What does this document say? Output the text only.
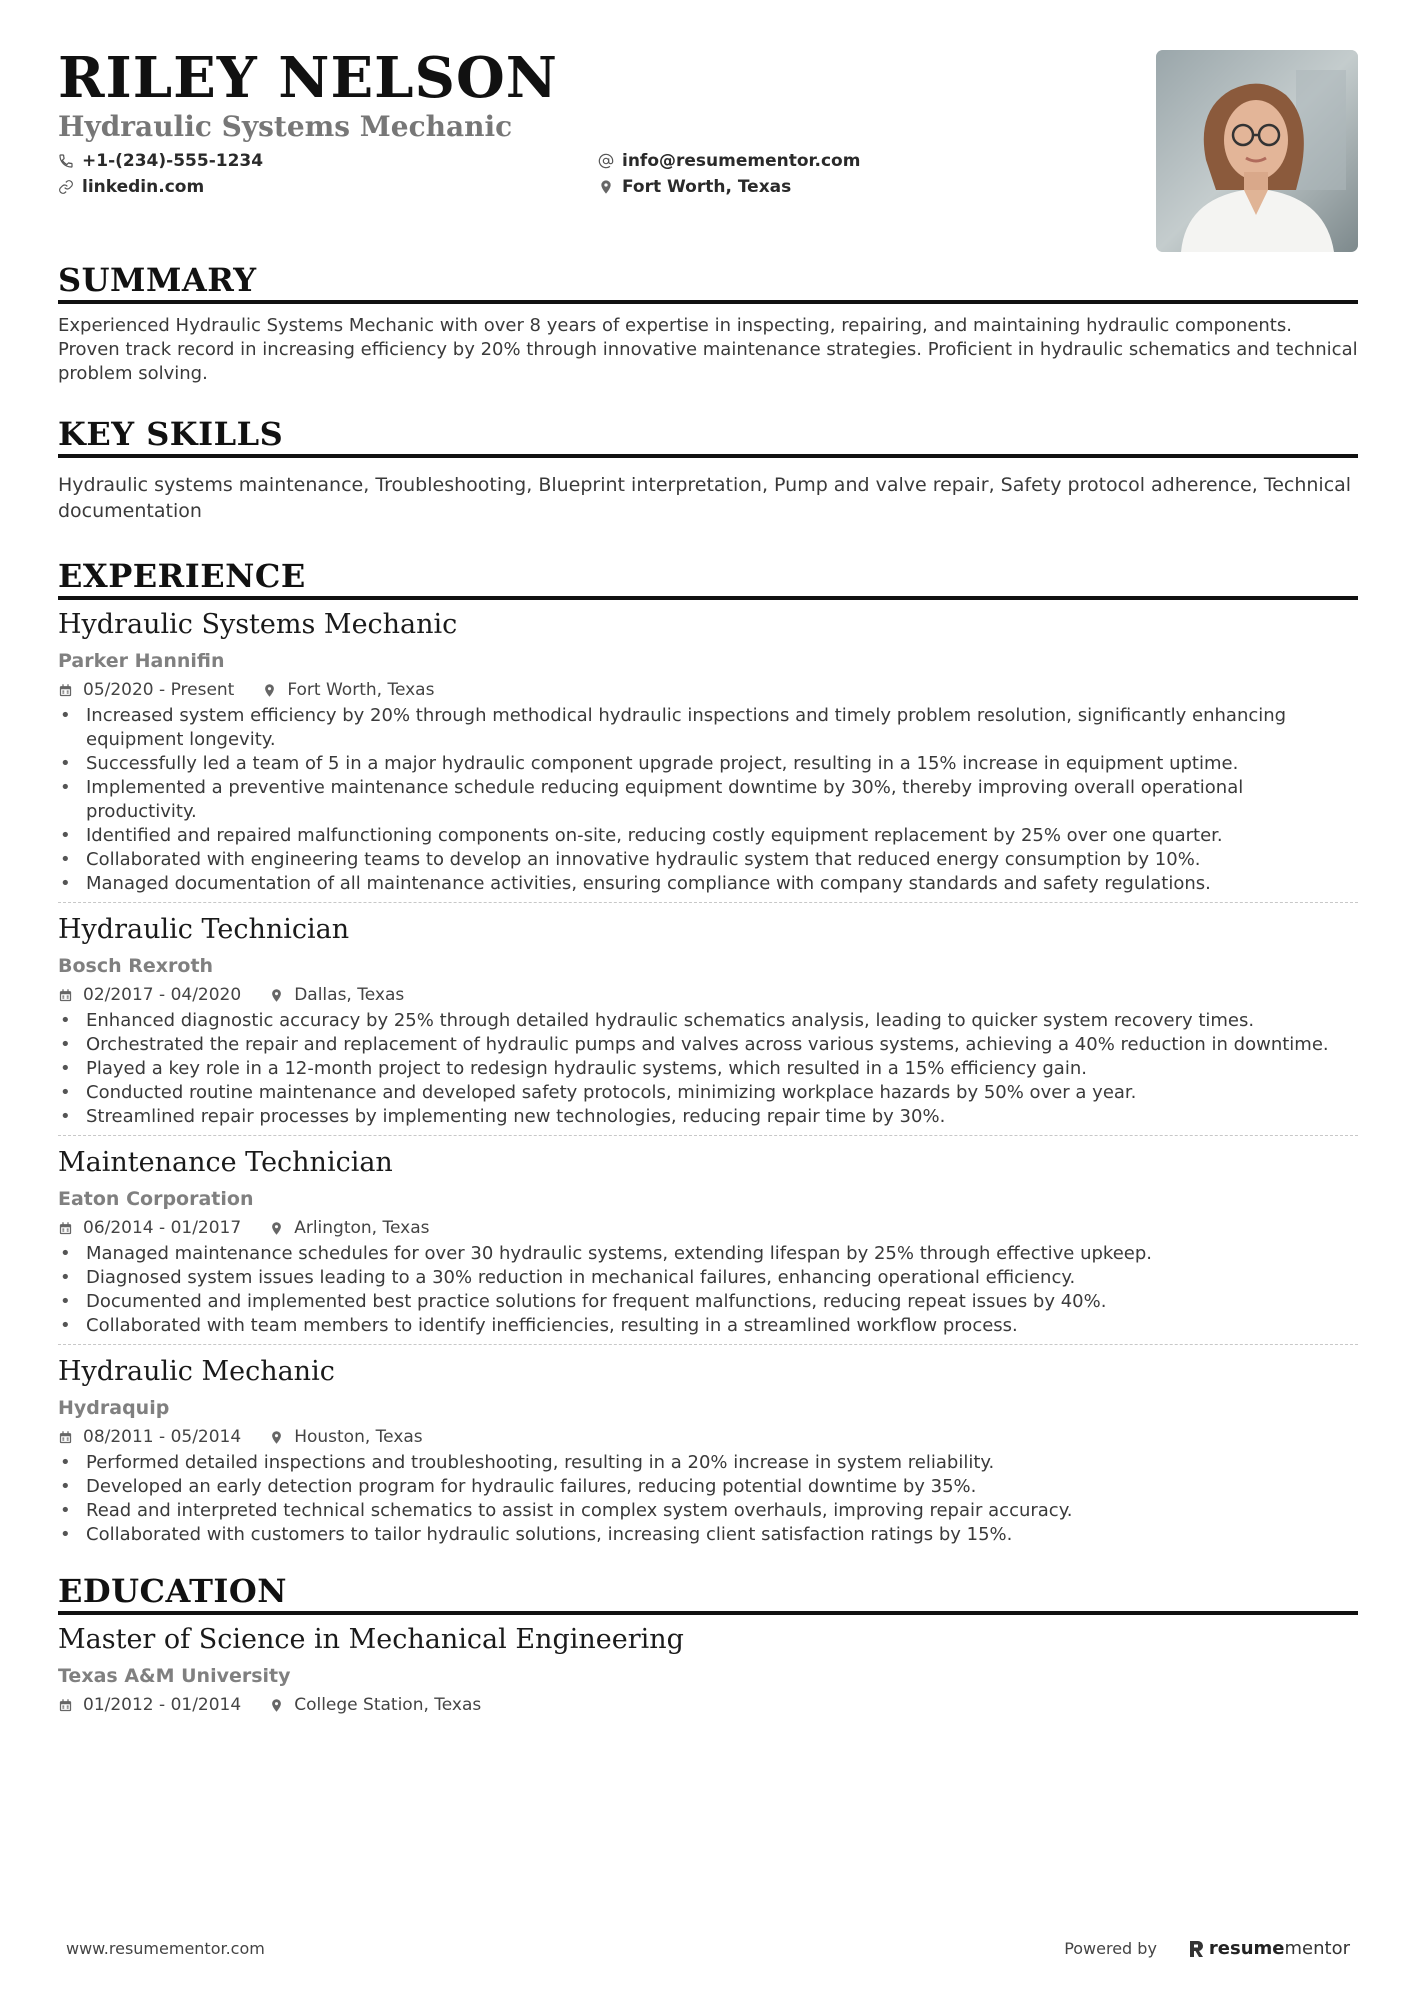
RILEY NELSON
Hydraulic Systems Mechanic
+1-(234)-555-1234	info@resumementor.com
linkedin.com	Fort Worth, Texas
SUMMARY

Experienced Hydraulic Systems Mechanic with over 8 years of expertise in inspecting, repairing, and maintaining hydraulic components. Proven track record in increasing efficiency by 20% through innovative maintenance strategies. Proficient in hydraulic schematics and technical problem solving.

KEY SKILLS

Hydraulic systems maintenance, Troubleshooting, Blueprint interpretation, Pump and valve repair, Safety protocol adherence, Technical documentation

EXPERIENCE
Hydraulic Systems Mechanic
Parker Hannifin
05/2020 - Present	Fort Worth, Texas
• Increased system efficiency by 20% through methodical hydraulic inspections and timely problem resolution, significantly enhancing equipment longevity.
• Successfully led a team of 5 in a major hydraulic component upgrade project, resulting in a 15% increase in equipment uptime.
• Implemented a preventive maintenance schedule reducing equipment downtime by 30%, thereby improving overall operational productivity.
• Identified and repaired malfunctioning components on-site, reducing costly equipment replacement by 25% over one quarter.
• Collaborated with engineering teams to develop an innovative hydraulic system that reduced energy consumption by 10%.
• Managed documentation of all maintenance activities, ensuring compliance with company standards and safety regulations.
Hydraulic Technician
Bosch Rexroth
02/2017 - 04/2020	Dallas, Texas
• Enhanced diagnostic accuracy by 25% through detailed hydraulic schematics analysis, leading to quicker system recovery times.
• Orchestrated the repair and replacement of hydraulic pumps and valves across various systems, achieving a 40% reduction in downtime.
• Played a key role in a 12-month project to redesign hydraulic systems, which resulted in a 15% efficiency gain.
• Conducted routine maintenance and developed safety protocols, minimizing workplace hazards by 50% over a year.
• Streamlined repair processes by implementing new technologies, reducing repair time by 30%.
Maintenance Technician
Eaton Corporation
06/2014 - 01/2017	Arlington, Texas
• Managed maintenance schedules for over 30 hydraulic systems, extending lifespan by 25% through effective upkeep.
• Diagnosed system issues leading to a 30% reduction in mechanical failures, enhancing operational efficiency.
• Documented and implemented best practice solutions for frequent malfunctions, reducing repeat issues by 40%.
• Collaborated with team members to identify inefficiencies, resulting in a streamlined workflow process.
Hydraulic Mechanic
Hydraquip
08/2011 - 05/2014	Houston, Texas
• Performed detailed inspections and troubleshooting, resulting in a 20% increase in system reliability.
• Developed an early detection program for hydraulic failures, reducing potential downtime by 35%.
• Read and interpreted technical schematics to assist in complex system overhauls, improving repair accuracy.
• Collaborated with customers to tailor hydraulic solutions, increasing client satisfaction ratings by 15%.
EDUCATION
Master of Science in Mechanical Engineering
Texas A&M University
01/2012 - 01/2014	College Station, Texas
www.resumementor.com	Powered by	resume mentor
